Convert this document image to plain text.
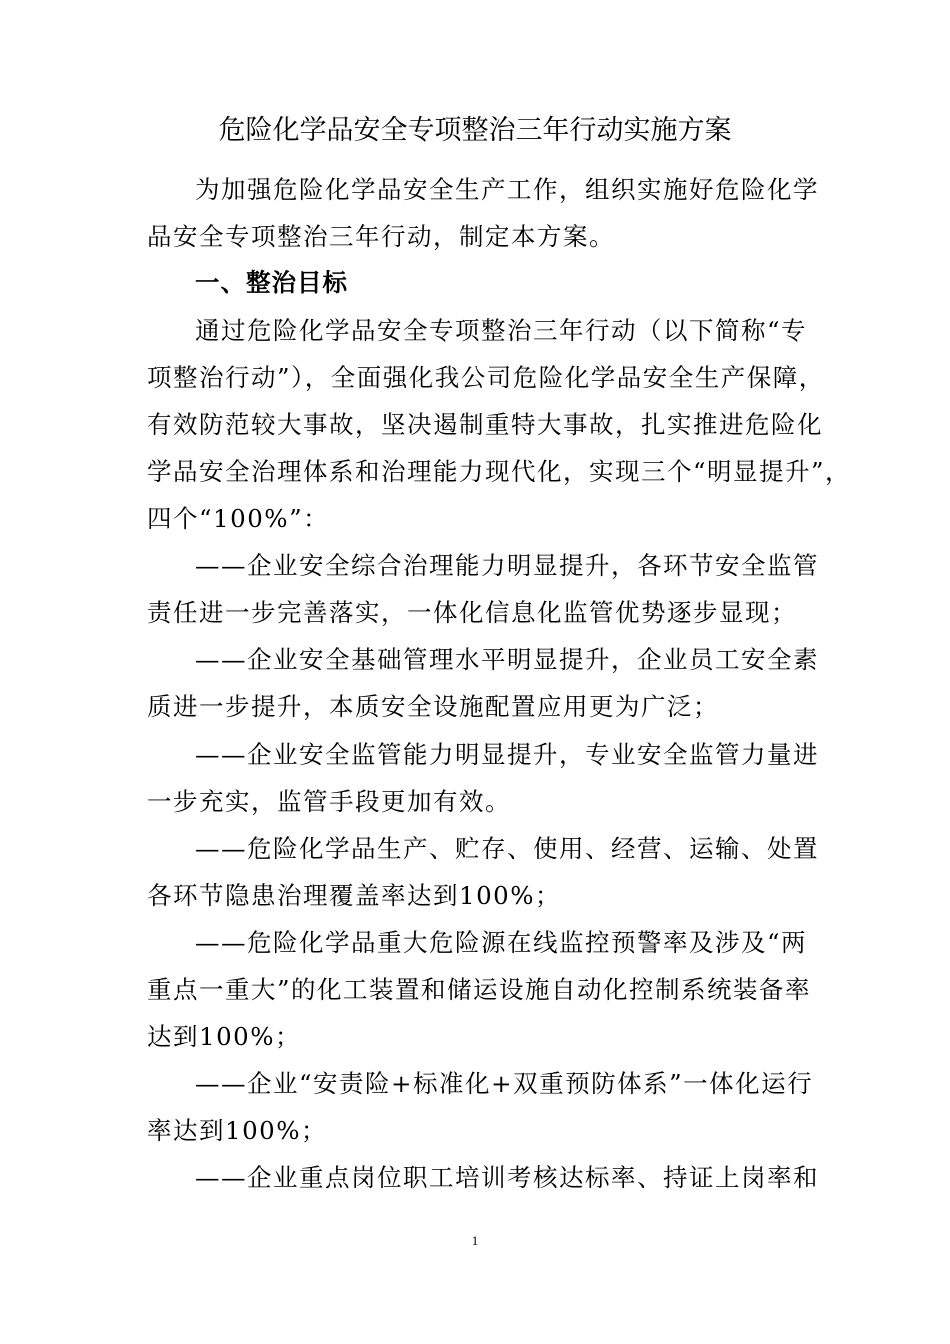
危险化学品安全专项整治三年行动实施方案
为加强危险化学品安全生产工作，组织实施好危险化学
品安全专项整治三年行动，制定本方案。
一、整治目标
通过危险化学品安全专项整治三年行动（以下简称“专
项整治行动”），全面强化我公司危险化学品安全生产保障，
有效防范较大事故，坚决遏制重特大事故，扎实推进危险化
学品安全治理体系和治理能力现代化，实现三个“明显提升”，
四个“100%”：
——企业安全综合治理能力明显提升，各环节安全监管
责任进一步完善落实，一体化信息化监管优势逐步显现；
——企业安全基础管理水平明显提升，企业员工安全素
质进一步提升，本质安全设施配置应用更为广泛；
——企业安全监管能力明显提升，专业安全监管力量进
一步充实，监管手段更加有效。
——危险化学品生产、贮存、使用、经营、运输、处置
各环节隐患治理覆盖率达到100%；
——危险化学品重大危险源在线监控预警率及涉及“两
重点一重大”的化工装置和储运设施自动化控制系统装备率
达到100%；
——企业“安责险+标准化+双重预防体系”一体化运行
率达到100%；
——企业重点岗位职工培训考核达标率、持证上岗率和
1
